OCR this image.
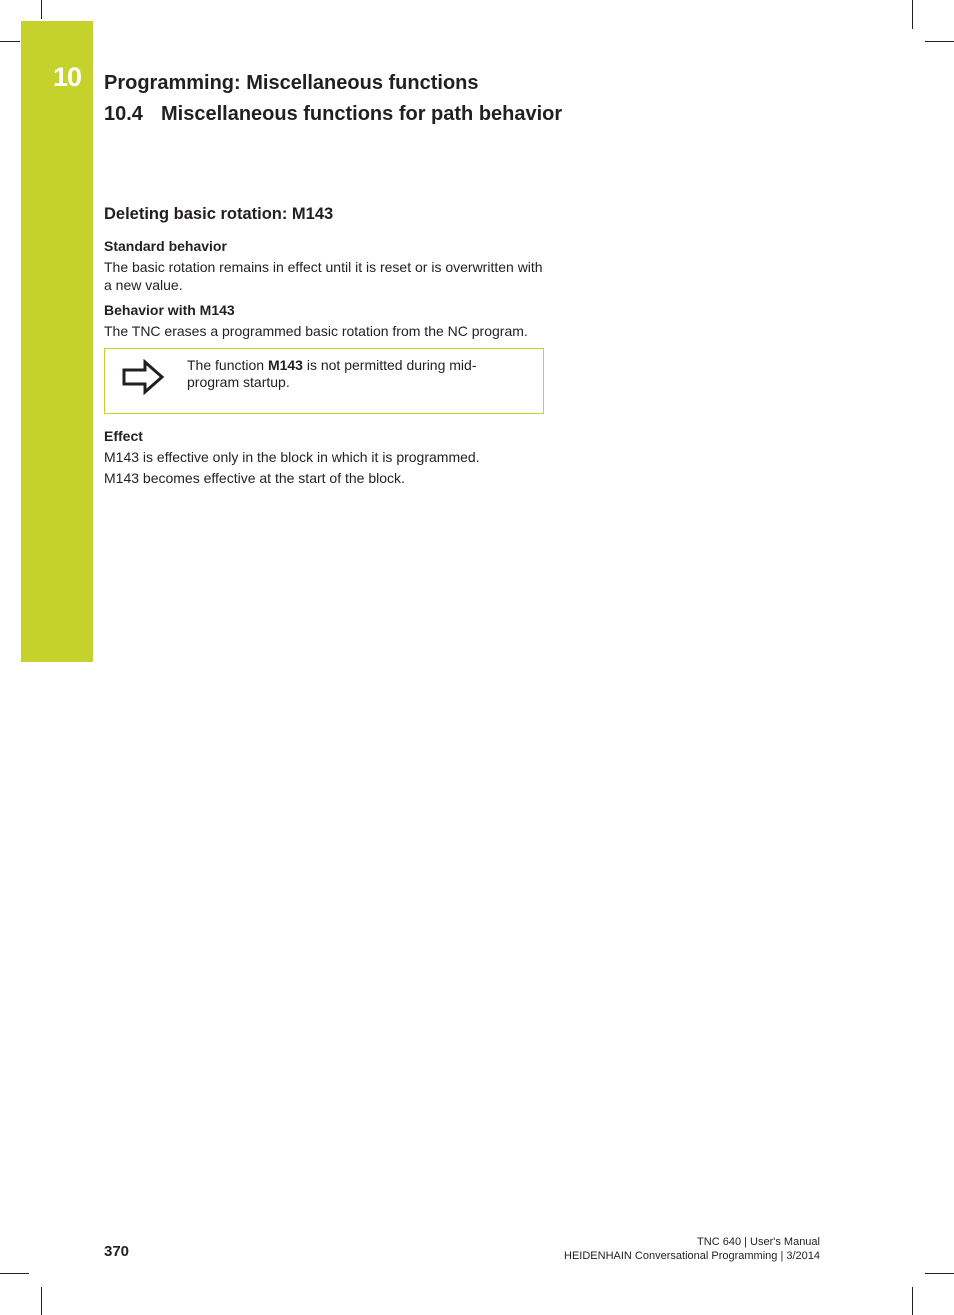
10 Programming: Miscellaneous functions
10.4 Miscellaneous functions for path behavior
Deleting basic rotation: M143
Standard behavior
The basic rotation remains in effect until it is reset or is overwritten with a new value.
Behavior with M143
The TNC erases a programmed basic rotation from the NC program.
The function M143 is not permitted during mid-program startup.
Effect
M143 is effective only in the block in which it is programmed.
M143 becomes effective at the start of the block.
370
TNC 640 | User's Manual
HEIDENHAIN Conversational Programming | 3/2014
